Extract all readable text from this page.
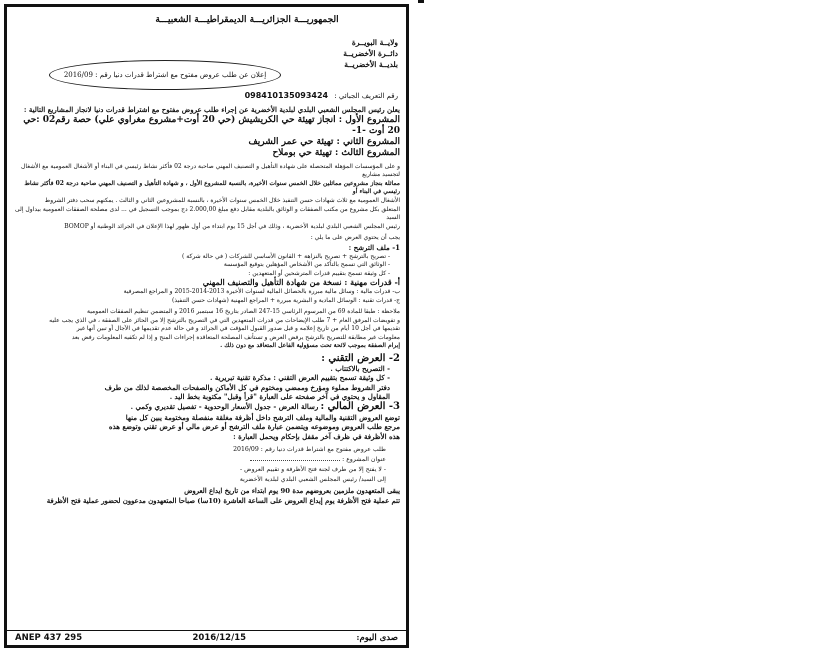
الجمهوريـــة الجزائريـــة الديمقراطيـــة الشعبيـــة
ولايــة البويــرة
دائــرة الأخضريــة
بلديــة الأخضريــة
إعلان عن طلب عروض مفتوح مع اشتراط قدرات دنيا رقم : 2016/09
رقم التعريف الجبائي : 098410135093424
يعلن رئيس المجلس الشعبي البلدي لبلدية الأخضرية عن إجراء طلب عروض مفتوح مع اشتراط قدرات دنيا لانجاز المشاريع التالية :
المشروع الأول : انجاز تهيئة حي الكريشيش (حي 20 أوت+مشروع مغراوي علي) حصة رقم02 :حي 20 أوت -1-
المشروع الثاني : تهيئة حي عمر الشريف
المشروع الثالث : تهيئة حي بوملاح
و على المؤسسات المؤهلة المتحصلة على شهادة التأهيل و التصنيف المهني صاحبة درجة 02 فأكثر نشاط رئيسي في البناء أو الأشغال العمومية مع الأشغال لتجسيد مشاريع
مماثلة بنجاز مشروعين مماثلين خلال الخمس سنوات الأخيرة، بالنسبة للمشروع الأول ، و شهادة التأهيل و التصنيف المهني صاحبة درجة 02 فأكثر نشاط رئيسي في البناء أو
الأشغال العمومية مع ثلاث شهادات حسن التنفيذ خلال الخمس سنوات الأخيرة ، بالنسبة للمشروعين الثاني و الثالث . يمكنهم سحب دفتر الشروط
المتعلق بكل مشروع من مكتب الصفقات و الوثائق بالبلدية مقابل دفع مبلغ 2.000,00 دج بموجب التسجيل في ... لدى مصلحة الصفقات العمومية بيداول إلى السيد
رئيس المجلس الشعبي البلدي لبلدية الأخضرية ، وذلك في أجل 15 يوم ابتداء من أول ظهور لهذا الإعلان في الجرائد الوطنية أو BOMOP
يجب أن يحتوي العرض على ما يلي :
1- ملف الترشح :
- تصريح بالترشح + تصريح بالنزاهة + القانون الأساسي للشركات ( في حالة شركة )
- الوثائق التي تسمح بالتأكد من الأشخاص المؤهلين بتوقيع المؤسسة
- كل وثيقة تسمح بتقييم قدرات المترشحين أو المتعهدين :
أ- قدرات مهنية : نسخة من شهادة التأهيل والتصنيف المهني
ب- قدرات مالية : وسائل مالية مبررة بالحصائل المالية لسنوات الأخيرة 2013-2014-2015 و المراجع المصرفية
ج- قدرات تقنية : الوسائل المادية و البشرية مبررة + المراجع المهنية (شهادات حسن التنفيذ)
ملاحظة : طبقا للمادة 69 من المرسوم الرئاسي 15-247 الصادر بتاريخ 16 سبتمبر 2016 و المتضمن تنظيم الصفقات العمومية
و تفويضات المرفق العام + 7 طلب الإيضاحات من قدرات المتعهدين التي في التصريح بالترشح إلا من الحائز على الصفقة ، في الذي يجب عليه
تقديمها في أجل 10 أيام من تاريخ إعلامه و قبل صدور القبول المؤقت في الجرائد و في حالة عدم تقديمها في الآجال أو تبين أنها غير
معلومات غير مطابقة للتصريح بالترشح يرفض العرض و تستأنف المصلحة المتعاقدة إجراءات المنح و إذا لم تكفيه المعلومات رفض بعد
إبرام الصفقة بموجب لائحة تحت مسؤولية الفاعل المتعاقد مع دون ذلك .
2- العرض التقني :
- التصريح بالاكتتاب .
- كل وثيقة تسمح بتقييم العرض التقني : مذكرة تقنية تبريرية .
دفتر الشروط مملوء ومؤرخ وممضي ومختوم في كل الأماكن والصفحات المخصصة لذلك من طرف
المقاول و يحتوي في آخر صفحته على العبارة "قرأ وقبل" مكتوبة بخط اليد .
3- العرض المالي : رسالة العرض - جدول الأسعار الوحدوية - تفصيل تقديري وكمي .
توضع العروض التقنية والمالية وملف الترشح داخل أظرفة مغلقة منفصلة ومختومة يبين كل منها
مرجع طلب العروض وموضوعه ويتضمن عبارة ملف الترشح أو عرض مالي أو عرض تقني وتوضع هذه
هذه الأظرفة في ظرف آخر مقفل بإحكام ويحمل العبارة :
طلب عروض مفتوح مع اشتراط قدرات دنيا رقم : 2016/09
عنوان المشروع :
- لا يفتح إلا من طرف لجنة فتح الأظرفة و تقييم العروض -
إلى السيد/ رئيس المجلس الشعبي البلدي لبلدية الأخضرية
يبقى المتعهدون ملزمين بعروضهم مدة 90 يوم ابتداء من تاريخ ايداع العروض
تتم عملية فتح الأظرفة يوم إيداع العروض على الساعة العاشرة (10سا) صباحا المتعهدون مدعوون لحضور عملية فتح الأظرفة
صدى اليوم:
2016/12/15
ANEP 437 295
